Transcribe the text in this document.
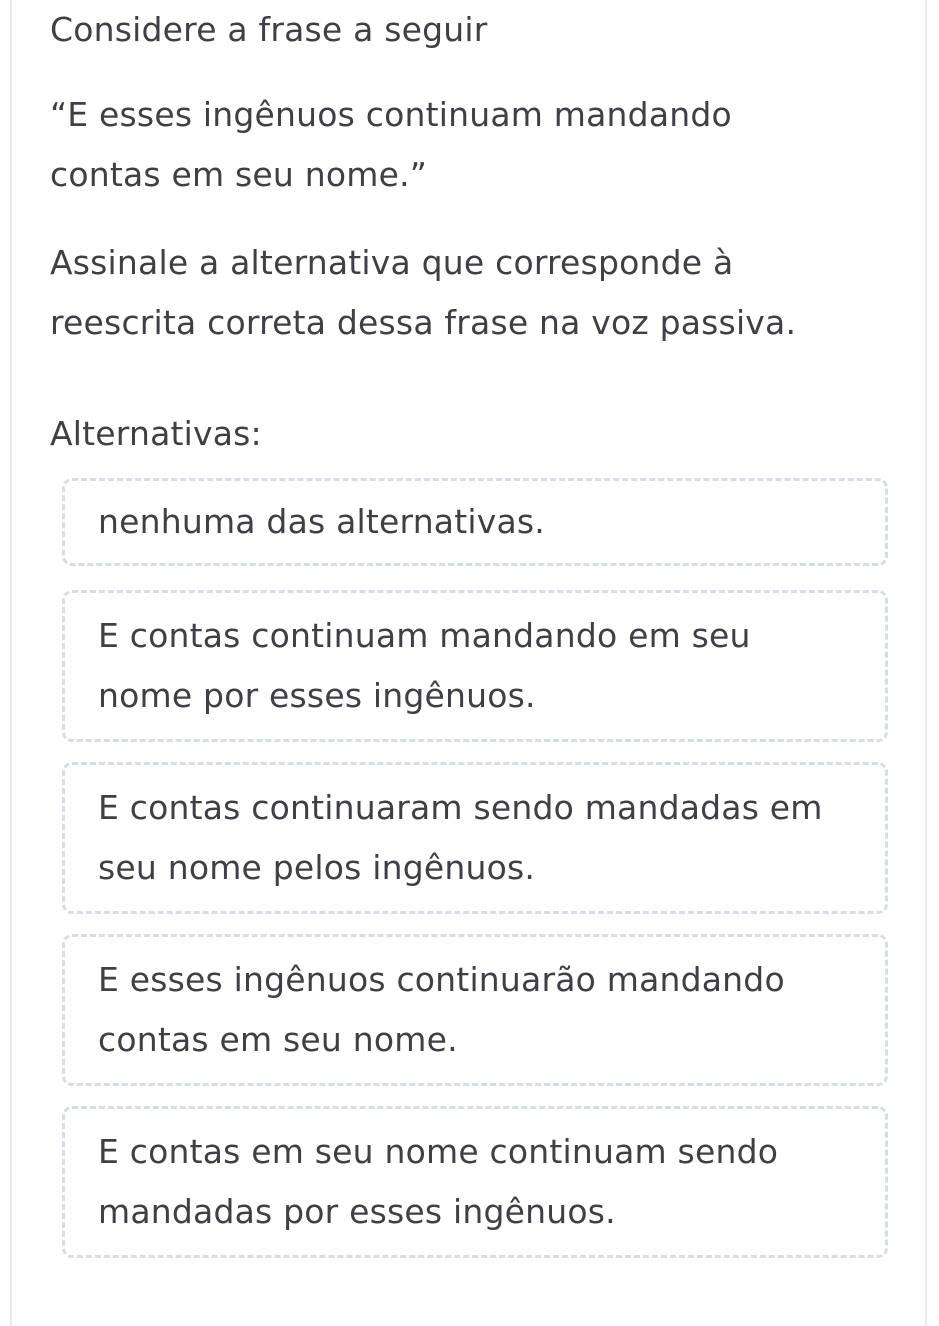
Considere a frase a seguir

“E esses ingênuos continuam mandando contas em seu nome.”

Assinale a alternativa que corresponde à reescrita correta dessa frase na voz passiva.

Alternativas:

nenhuma das alternativas.
E contas continuam mandando em seu nome por esses ingênuos.
E contas continuaram sendo mandadas em seu nome pelos ingênuos.
E esses ingênuos continuarão mandando contas em seu nome.
E contas em seu nome continuam sendo mandadas por esses ingênuos.
